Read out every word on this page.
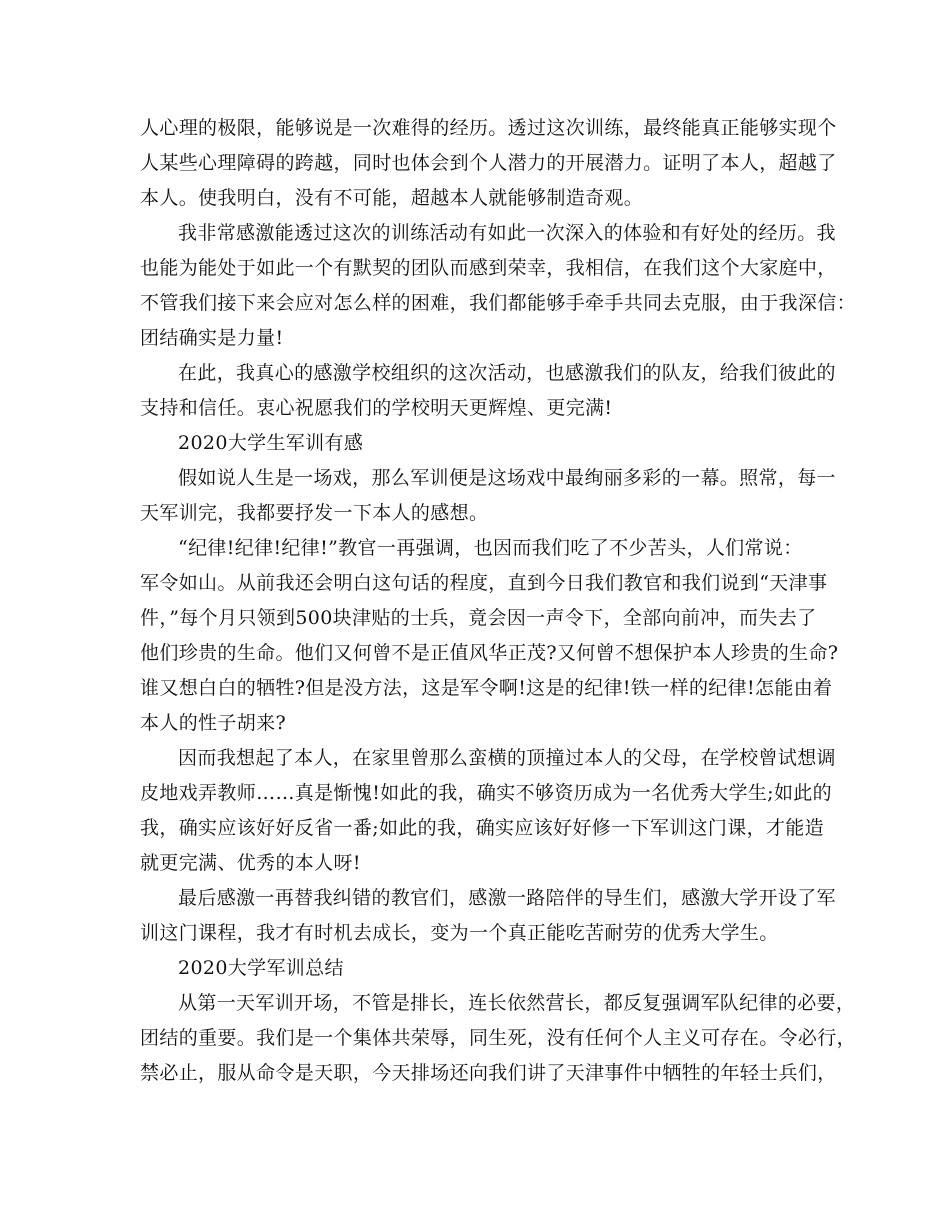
人心理的极限，能够说是一次难得的经历。透过这次训练，最终能真正能够实现个
人某些心理障碍的跨越，同时也体会到个人潜力的开展潜力。证明了本人，超越了
本人。使我明白，没有不可能，超越本人就能够制造奇观。
我非常感激能透过这次的训练活动有如此一次深入的体验和有好处的经历。我
也能为能处于如此一个有默契的团队而感到荣幸，我相信，在我们这个大家庭中，
不管我们接下来会应对怎么样的困难，我们都能够手牵手共同去克服，由于我深信：
团结确实是力量!
在此，我真心的感激学校组织的这次活动，也感激我们的队友，给我们彼此的
支持和信任。衷心祝愿我们的学校明天更辉煌、更完满!
2020大学生军训有感
假如说人生是一场戏，那么军训便是这场戏中最绚丽多彩的一幕。照常，每一
天军训完，我都要抒发一下本人的感想。
“纪律!纪律!纪律!”教官一再强调，也因而我们吃了不少苦头，人们常说：
军令如山。从前我还会明白这句话的程度，直到今日我们教官和我们说到“天津事
件，”每个月只领到500块津贴的士兵，竟会因一声令下，全部向前冲，而失去了
他们珍贵的生命。他们又何曾不是正值风华正茂?又何曾不想保护本人珍贵的生命?
谁又想白白的牺牲?但是没方法，这是军令啊!这是的纪律!铁一样的纪律!怎能由着
本人的性子胡来?
因而我想起了本人，在家里曾那么蛮横的顶撞过本人的父母，在学校曾试想调
皮地戏弄教师……真是惭愧!如此的我，确实不够资历成为一名优秀大学生;如此的
我，确实应该好好反省一番;如此的我，确实应该好好修一下军训这门课，才能造
就更完满、优秀的本人呀!
最后感激一再替我纠错的教官们，感激一路陪伴的导生们，感激大学开设了军
训这门课程，我才有时机去成长，变为一个真正能吃苦耐劳的优秀大学生。
2020大学军训总结
从第一天军训开场，不管是排长，连长依然营长，都反复强调军队纪律的必要，
团结的重要。我们是一个集体共荣辱，同生死，没有任何个人主义可存在。令必行，
禁必止，服从命令是天职，今天排场还向我们讲了天津事件中牺牲的年轻士兵们，
